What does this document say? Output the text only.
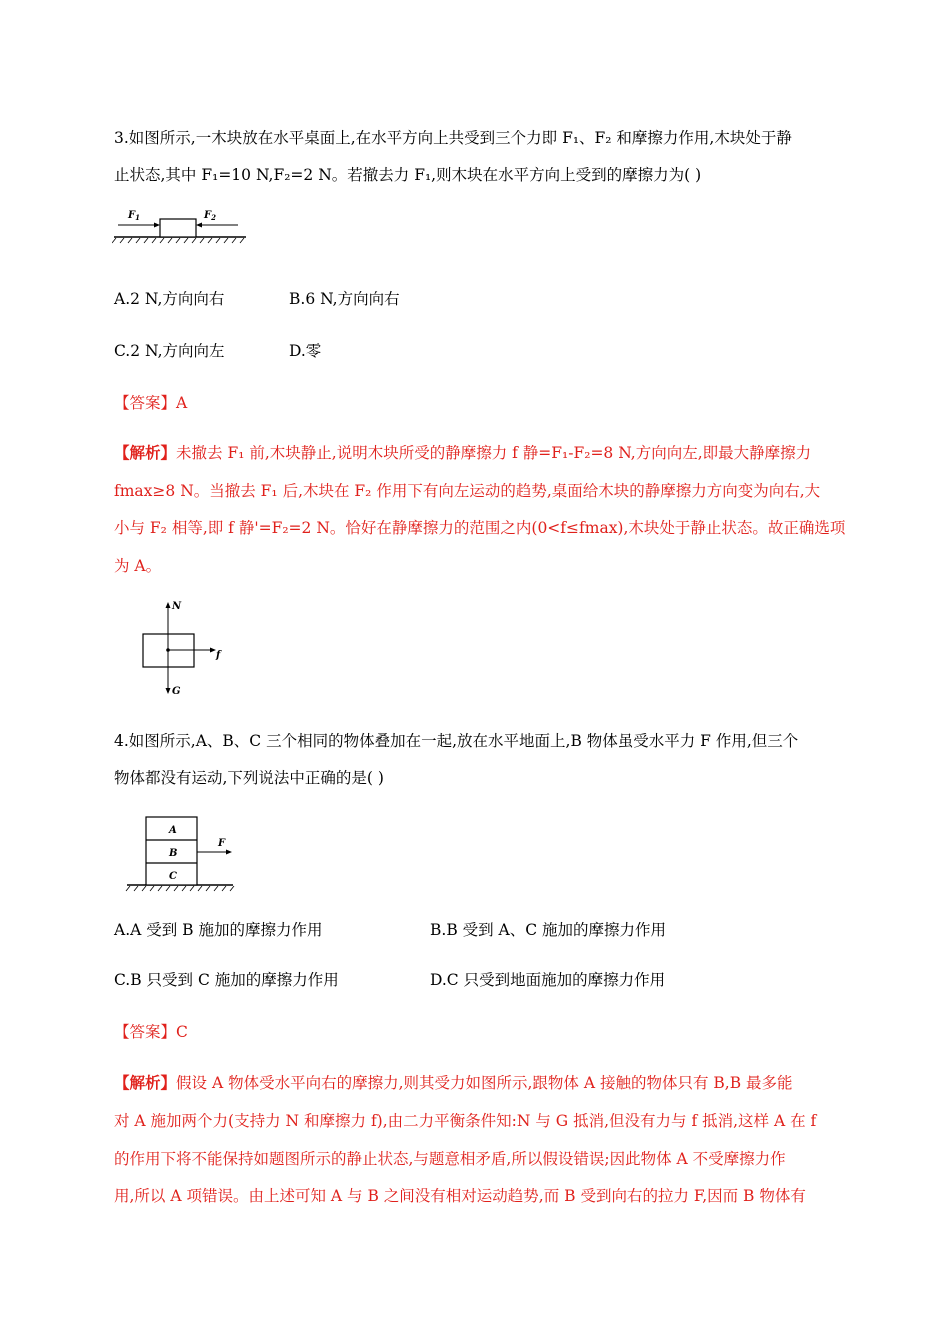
3.如图所示,一木块放在水平桌面上,在水平方向上共受到三个力即 F₁、F₂ 和摩擦力作用,木块处于静
止状态,其中 F₁=10 N,F₂=2 N。若撤去力 F₁,则木块在水平方向上受到的摩擦力为( )
$F_1$	$F_2$
A.2 N,方向向右	B.6 N,方向向右
C.2 N,方向向左	D.零
【答案】A
【解析】未撤去 F₁ 前,木块静止,说明木块所受的静摩擦力 f 静=F₁-F₂=8 N,方向向左,即最大静摩擦力
fmax≥8 N。当撤去 F₁ 后,木块在 F₂ 作用下有向左运动的趋势,桌面给木块的静摩擦力方向变为向右,大
小与 F₂ 相等,即 f 静'=F₂=2 N。恰好在静摩擦力的范围之内(0<f≤fmax),木块处于静止状态。故正确选项
为 A。
N
f
G
4.如图所示,A、B、C 三个相同的物体叠加在一起,放在水平地面上,B 物体虽受水平力 F 作用,但三个
物体都没有运动,下列说法中正确的是( )
A
B
C
F
A.A 受到 B 施加的摩擦力作用	B.B 受到 A、C 施加的摩擦力作用
C.B 只受到 C 施加的摩擦力作用	D.C 只受到地面施加的摩擦力作用
【答案】C
【解析】假设 A 物体受水平向右的摩擦力,则其受力如图所示,跟物体 A 接触的物体只有 B,B 最多能
对 A 施加两个力(支持力 N 和摩擦力 f),由二力平衡条件知:N 与 G 抵消,但没有力与 f 抵消,这样 A 在 f
的作用下将不能保持如题图所示的静止状态,与题意相矛盾,所以假设错误;因此物体 A 不受摩擦力作
用,所以 A 项错误。由上述可知 A 与 B 之间没有相对运动趋势,而 B 受到向右的拉力 F,因而 B 物体有
